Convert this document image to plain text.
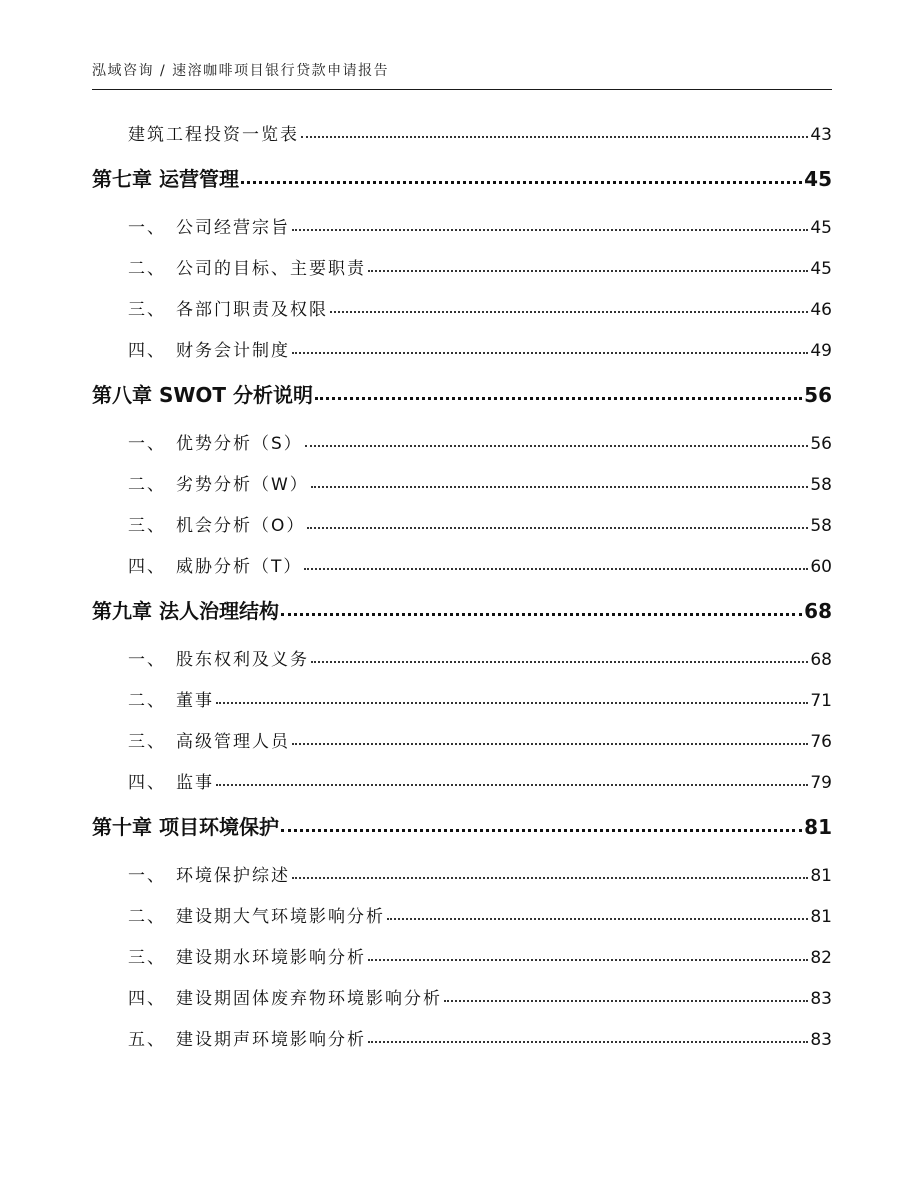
泓域咨询 / 速溶咖啡项目银行贷款申请报告
建筑工程投资一览表	43
第七章 运营管理	45
一、 公司经营宗旨	45
二、 公司的目标、主要职责	45
三、 各部门职责及权限	46
四、 财务会计制度	49
第八章 SWOT 分析说明	56
一、 优势分析（S）	56
二、 劣势分析（W）	58
三、 机会分析（O）	58
四、 威胁分析（T）	60
第九章 法人治理结构	68
一、 股东权利及义务	68
二、 董事	71
三、 高级管理人员	76
四、 监事	79
第十章 项目环境保护	81
一、 环境保护综述	81
二、 建设期大气环境影响分析	81
三、 建设期水环境影响分析	82
四、 建设期固体废弃物环境影响分析	83
五、 建设期声环境影响分析	83
